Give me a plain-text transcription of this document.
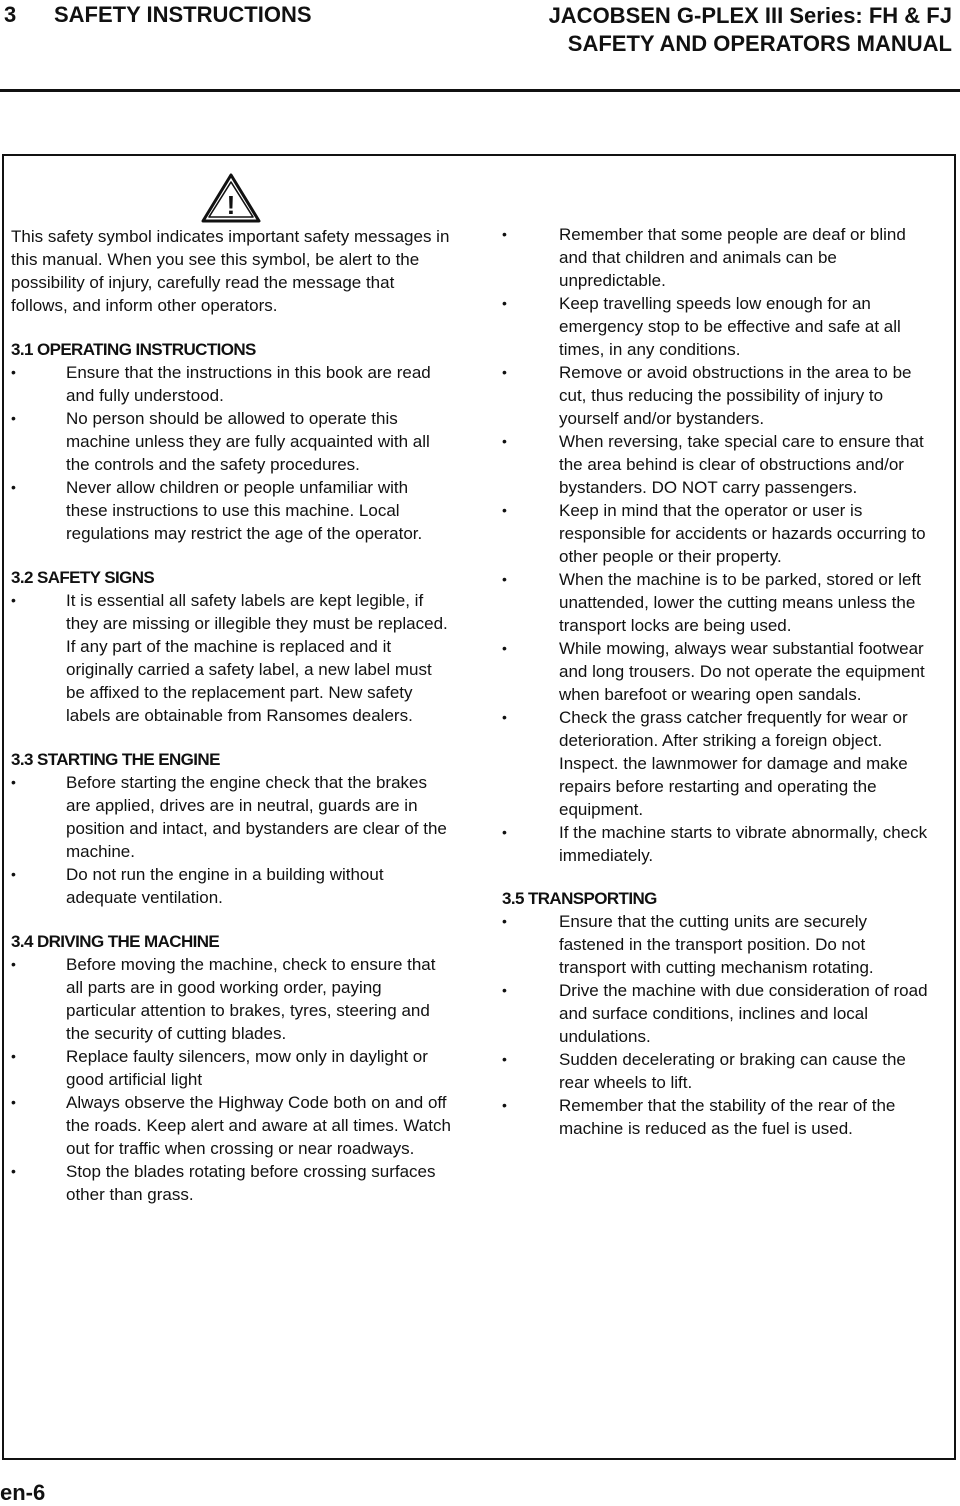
3 SAFETY INSTRUCTIONS	JACOBSEN G-PLEX III Series: FH & FJ
SAFETY AND OPERATORS MANUAL
!

This safety symbol indicates important safety messages in this manual. When you see this symbol, be alert to the possibility of injury, carefully read the message that follows, and inform other operators.

3.1 OPERATING INSTRUCTIONS
•	Ensure that the instructions in this book are read and fully understood.
•	No person should be allowed to operate this machine unless they are fully acquainted with all the controls and the safety procedures.
•	Never allow children or people unfamiliar with these instructions to use this machine. Local regulations may restrict the age of the operator.
3.2 SAFETY SIGNS
•	It is essential all safety labels are kept legible, if they are missing or illegible they must be replaced. If any part of the machine is replaced and it originally carried a safety label, a new label must be affixed to the replacement part. New safety labels are obtainable from Ransomes dealers.
3.3 STARTING THE ENGINE
•	Before starting the engine check that the brakes are applied, drives are in neutral, guards are in position and intact, and bystanders are clear of the machine.
•	Do not run the engine in a building without adequate ventilation.
3.4 DRIVING THE MACHINE
•	Before moving the machine, check to ensure that all parts are in good working order, paying particular attention to brakes, tyres, steering and the security of cutting blades.
•	Replace faulty silencers, mow only in daylight or good artificial light
•	Always observe the Highway Code both on and off the roads. Keep alert and aware at all times. Watch out for traffic when crossing or near roadways.
•	Stop the blades rotating before crossing surfaces other than grass.
•	Remember that some people are deaf or blind and that children and animals can be unpredictable.
•	Keep travelling speeds low enough for an emergency stop to be effective and safe at all times, in any conditions.
•	Remove or avoid obstructions in the area to be cut, thus reducing the possibility of injury to yourself and/or bystanders.
•	When reversing, take special care to ensure that the area behind is clear of obstructions and/or bystanders. DO NOT carry passengers.
•	Keep in mind that the operator or user is responsible for accidents or hazards occurring to other people or their property.
•	When the machine is to be parked, stored or left unattended, lower the cutting means unless the transport locks are being used.
•	While mowing, always wear substantial footwear and long trousers. Do not operate the equipment when barefoot or wearing open sandals.
•	Check the grass catcher frequently for wear or deterioration. After striking a foreign object. Inspect. the lawnmower for damage and make repairs before restarting and operating the equipment.
•	If the machine starts to vibrate abnormally, check immediately.
3.5 TRANSPORTING
•	Ensure that the cutting units are securely fastened in the transport position. Do not transport with cutting mechanism rotating.
•	Drive the machine with due consideration of road and surface conditions, inclines and local undulations.
•	Sudden decelerating or braking can cause the rear wheels to lift.
•	Remember that the stability of the rear of the machine is reduced as the fuel is used.
en-6
